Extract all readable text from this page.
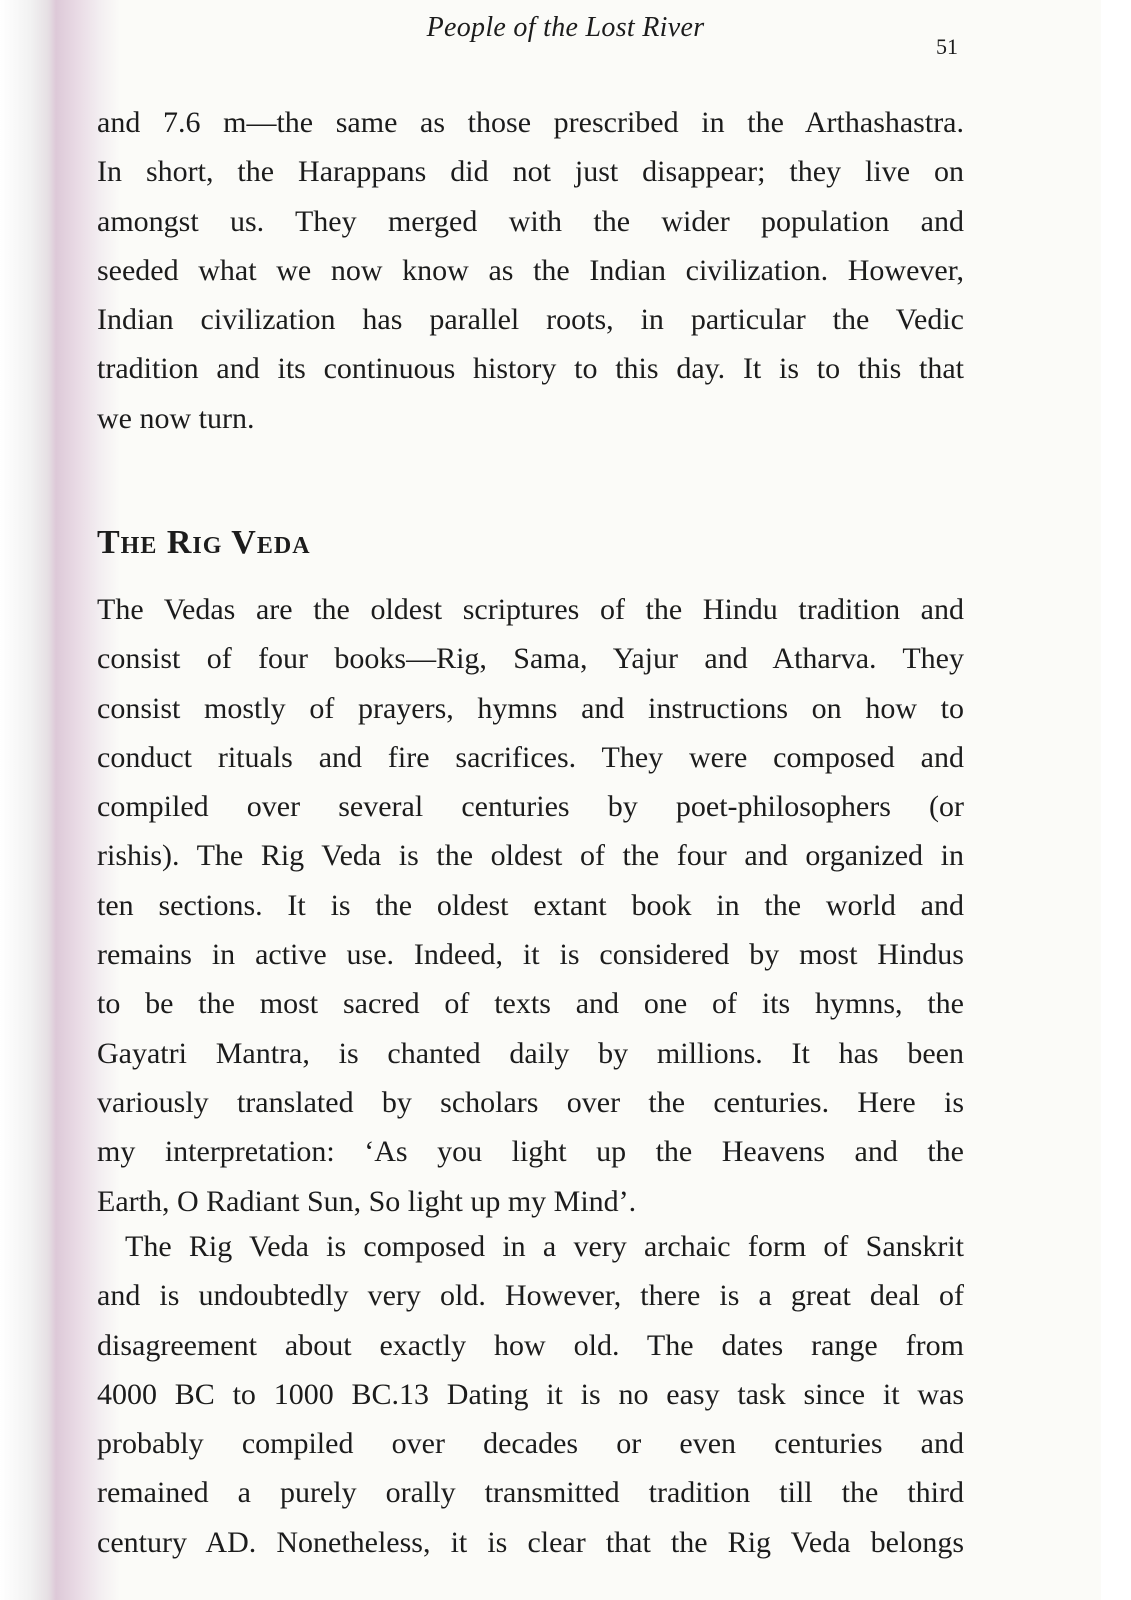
People of the Lost River
51
and 7.6 m—the same as those prescribed in the Arthashastra.
In short, the Harappans did not just disappear; they live on
amongst us. They merged with the wider population and
seeded what we now know as the Indian civilization. However,
Indian civilization has parallel roots, in particular the Vedic
tradition and its continuous history to this day. It is to this that
we now turn.
The Rig Veda
The Vedas are the oldest scriptures of the Hindu tradition and
consist of four books—Rig, Sama, Yajur and Atharva. They
consist mostly of prayers, hymns and instructions on how to
conduct rituals and fire sacrifices. They were composed and
compiled over several centuries by poet-philosophers (or
rishis). The Rig Veda is the oldest of the four and organized in
ten sections. It is the oldest extant book in the world and
remains in active use. Indeed, it is considered by most Hindus
to be the most sacred of texts and one of its hymns, the
Gayatri Mantra, is chanted daily by millions. It has been
variously translated by scholars over the centuries. Here is
my interpretation: ‘As you light up the Heavens and the
Earth, O Radiant Sun, So light up my Mind’.
The Rig Veda is composed in a very archaic form of Sanskrit
and is undoubtedly very old. However, there is a great deal of
disagreement about exactly how old. The dates range from
4000 BC to 1000 BC.13 Dating it is no easy task since it was
probably compiled over decades or even centuries and
remained a purely orally transmitted tradition till the third
century AD. Nonetheless, it is clear that the Rig Veda belongs
